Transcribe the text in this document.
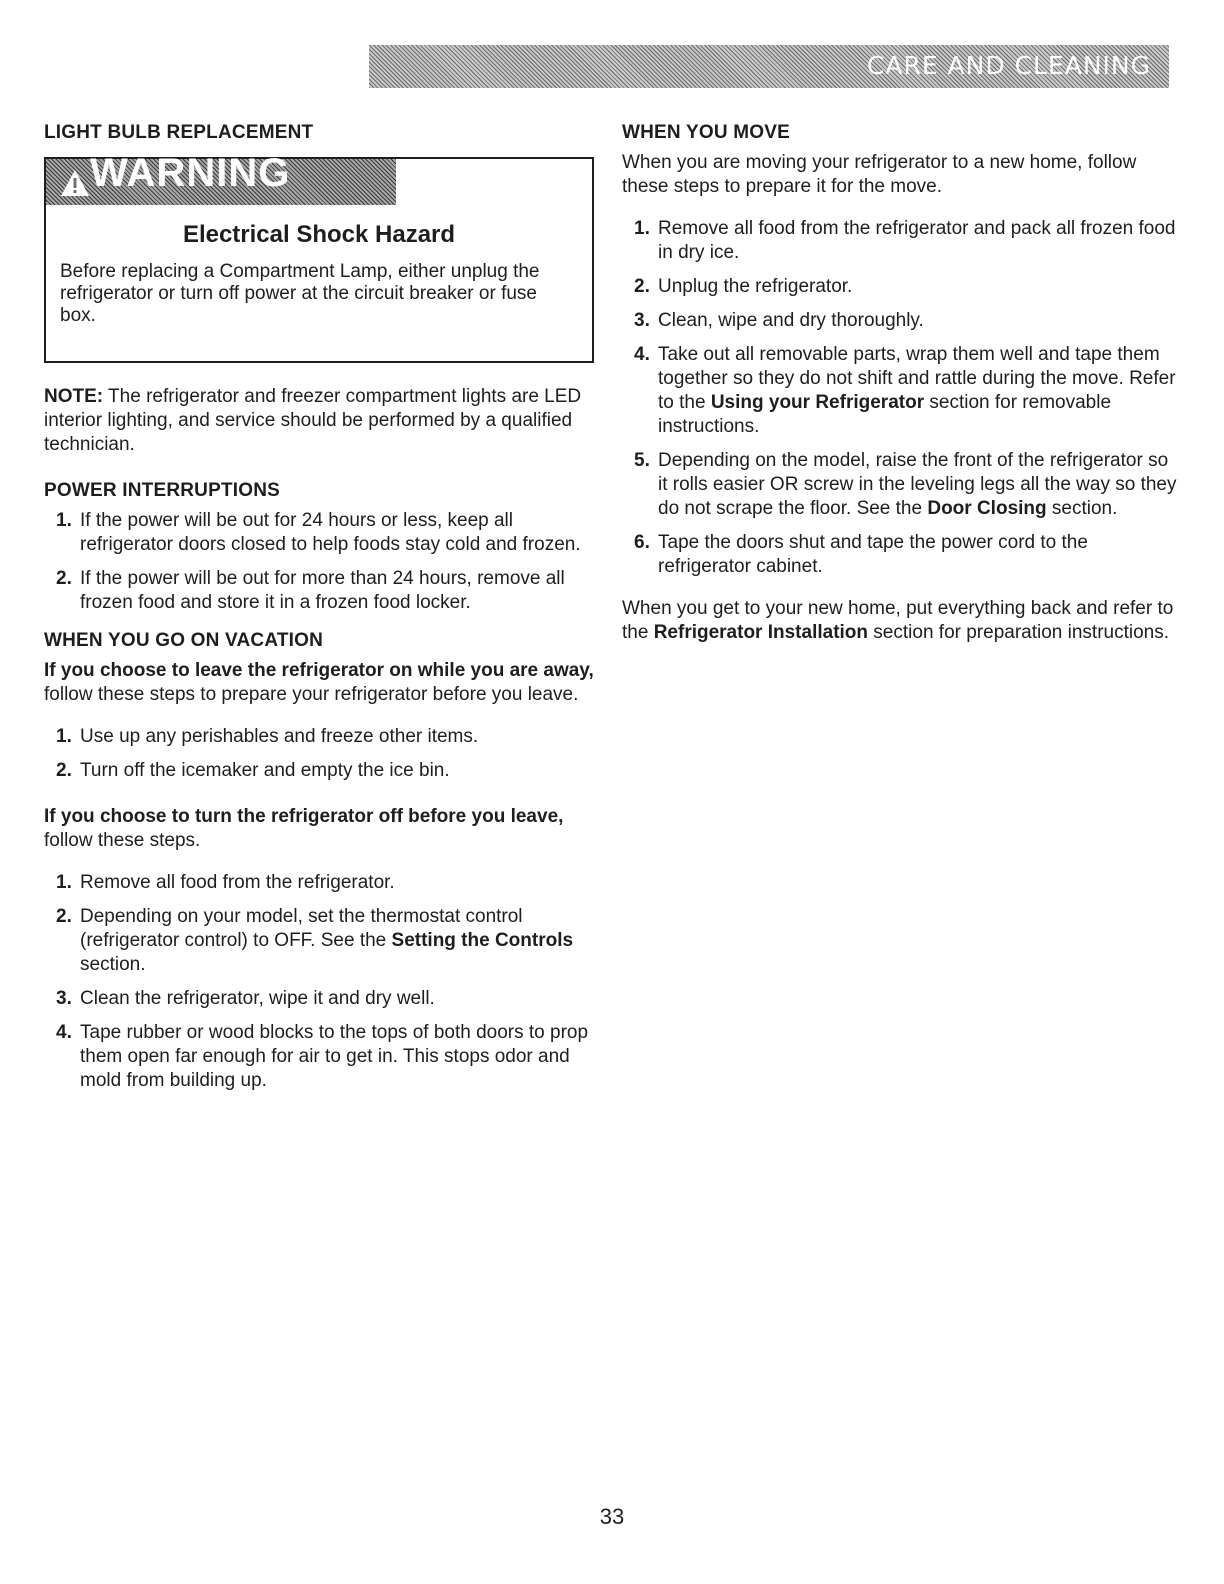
CARE AND CLEANING
LIGHT BULB REPLACEMENT
WARNING
Electrical Shock Hazard
Before replacing a Compartment Lamp, either unplug the refrigerator or turn off power at the circuit breaker or fuse box.

NOTE: The refrigerator and freezer compartment lights are LED interior lighting, and service should be performed by a qualified technician.

POWER INTERRUPTIONS
1. If the power will be out for 24 hours or less, keep all refrigerator doors closed to help foods stay cold and frozen.
2. If the power will be out for more than 24 hours, remove all frozen food and store it in a frozen food locker.
WHEN YOU GO ON VACATION

If you choose to leave the refrigerator on while you are away, follow these steps to prepare your refrigerator before you leave.

1. Use up any perishables and freeze other items.
2. Turn off the icemaker and empty the ice bin.

If you choose to turn the refrigerator off before you leave, follow these steps.

1. Remove all food from the refrigerator.
2. Depending on your model, set the thermostat control (refrigerator control) to OFF. See the Setting the Controls section.
3. Clean the refrigerator, wipe it and dry well.
4. Tape rubber or wood blocks to the tops of both doors to prop them open far enough for air to get in. This stops odor and mold from building up.
WHEN YOU MOVE

When you are moving your refrigerator to a new home, follow these steps to prepare it for the move.

1. Remove all food from the refrigerator and pack all frozen food in dry ice.
2. Unplug the refrigerator.
3. Clean, wipe and dry thoroughly.
4. Take out all removable parts, wrap them well and tape them together so they do not shift and rattle during the move. Refer to the Using your Refrigerator section for removable instructions.
5. Depending on the model, raise the front of the refrigerator so it rolls easier OR screw in the leveling legs all the way so they do not scrape the floor. See the Door Closing section.
6. Tape the doors shut and tape the power cord to the refrigerator cabinet.

When you get to your new home, put everything back and refer to the Refrigerator Installation section for preparation instructions.

33
